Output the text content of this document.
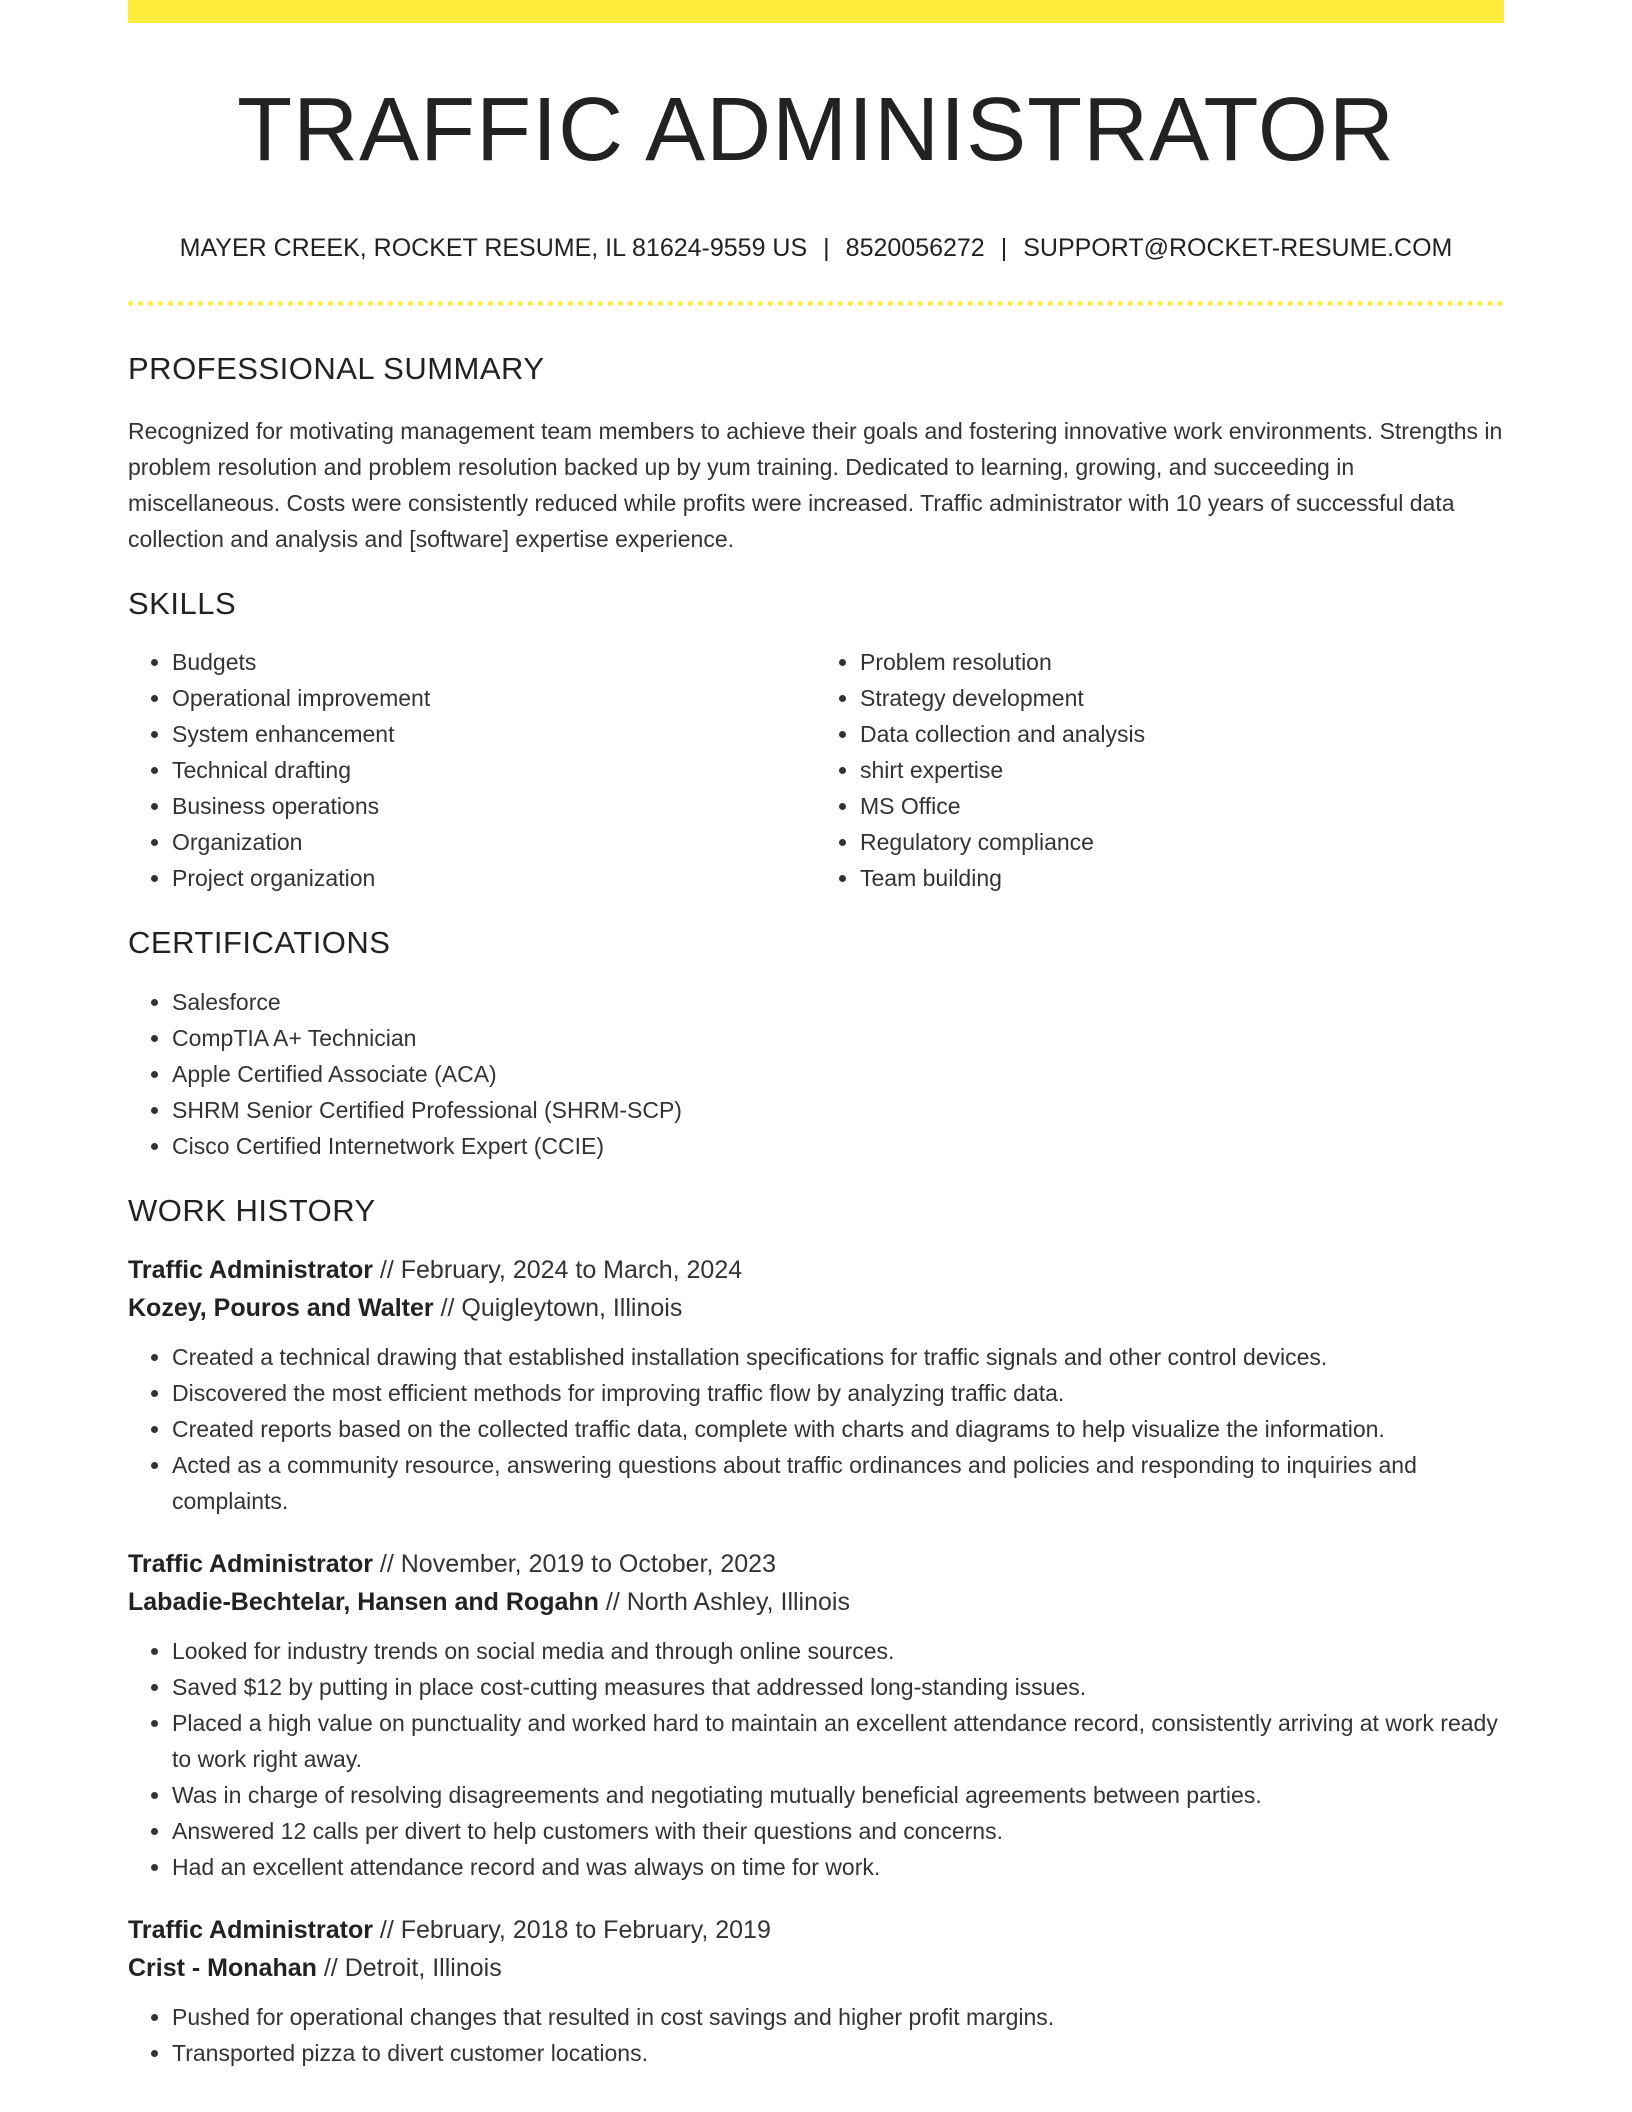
TRAFFIC ADMINISTRATOR
MAYER CREEK, ROCKET RESUME, IL 81624-9559 US | 8520056272 | SUPPORT@ROCKET-RESUME.COM
PROFESSIONAL SUMMARY

Recognized for motivating management team members to achieve their goals and fostering innovative work environments. Strengths in problem resolution and problem resolution backed up by yum training. Dedicated to learning, growing, and succeeding in miscellaneous. Costs were consistently reduced while profits were increased. Traffic administrator with 10 years of successful data collection and analysis and [software] expertise experience.

SKILLS
• Budgets
• Operational improvement
• System enhancement
• Technical drafting
• Business operations
• Organization
• Project organization
• Problem resolution
• Strategy development
• Data collection and analysis
• shirt expertise
• MS Office
• Regulatory compliance
• Team building
CERTIFICATIONS
• Salesforce
• CompTIA A+ Technician
• Apple Certified Associate (ACA)
• SHRM Senior Certified Professional (SHRM-SCP)
• Cisco Certified Internetwork Expert (CCIE)
WORK HISTORY
Traffic Administrator // February, 2024 to March, 2024
Kozey, Pouros and Walter // Quigleytown, Illinois
• Created a technical drawing that established installation specifications for traffic signals and other control devices.
• Discovered the most efficient methods for improving traffic flow by analyzing traffic data.
• Created reports based on the collected traffic data, complete with charts and diagrams to help visualize the information.
• Acted as a community resource, answering questions about traffic ordinances and policies and responding to inquiries and complaints.
Traffic Administrator // November, 2019 to October, 2023
Labadie-Bechtelar, Hansen and Rogahn // North Ashley, Illinois
• Looked for industry trends on social media and through online sources.
• Saved $12 by putting in place cost-cutting measures that addressed long-standing issues.
• Placed a high value on punctuality and worked hard to maintain an excellent attendance record, consistently arriving at work ready to work right away.
• Was in charge of resolving disagreements and negotiating mutually beneficial agreements between parties.
• Answered 12 calls per divert to help customers with their questions and concerns.
• Had an excellent attendance record and was always on time for work.
Traffic Administrator // February, 2018 to February, 2019
Crist - Monahan // Detroit, Illinois
• Pushed for operational changes that resulted in cost savings and higher profit margins.
• Transported pizza to divert customer locations.
